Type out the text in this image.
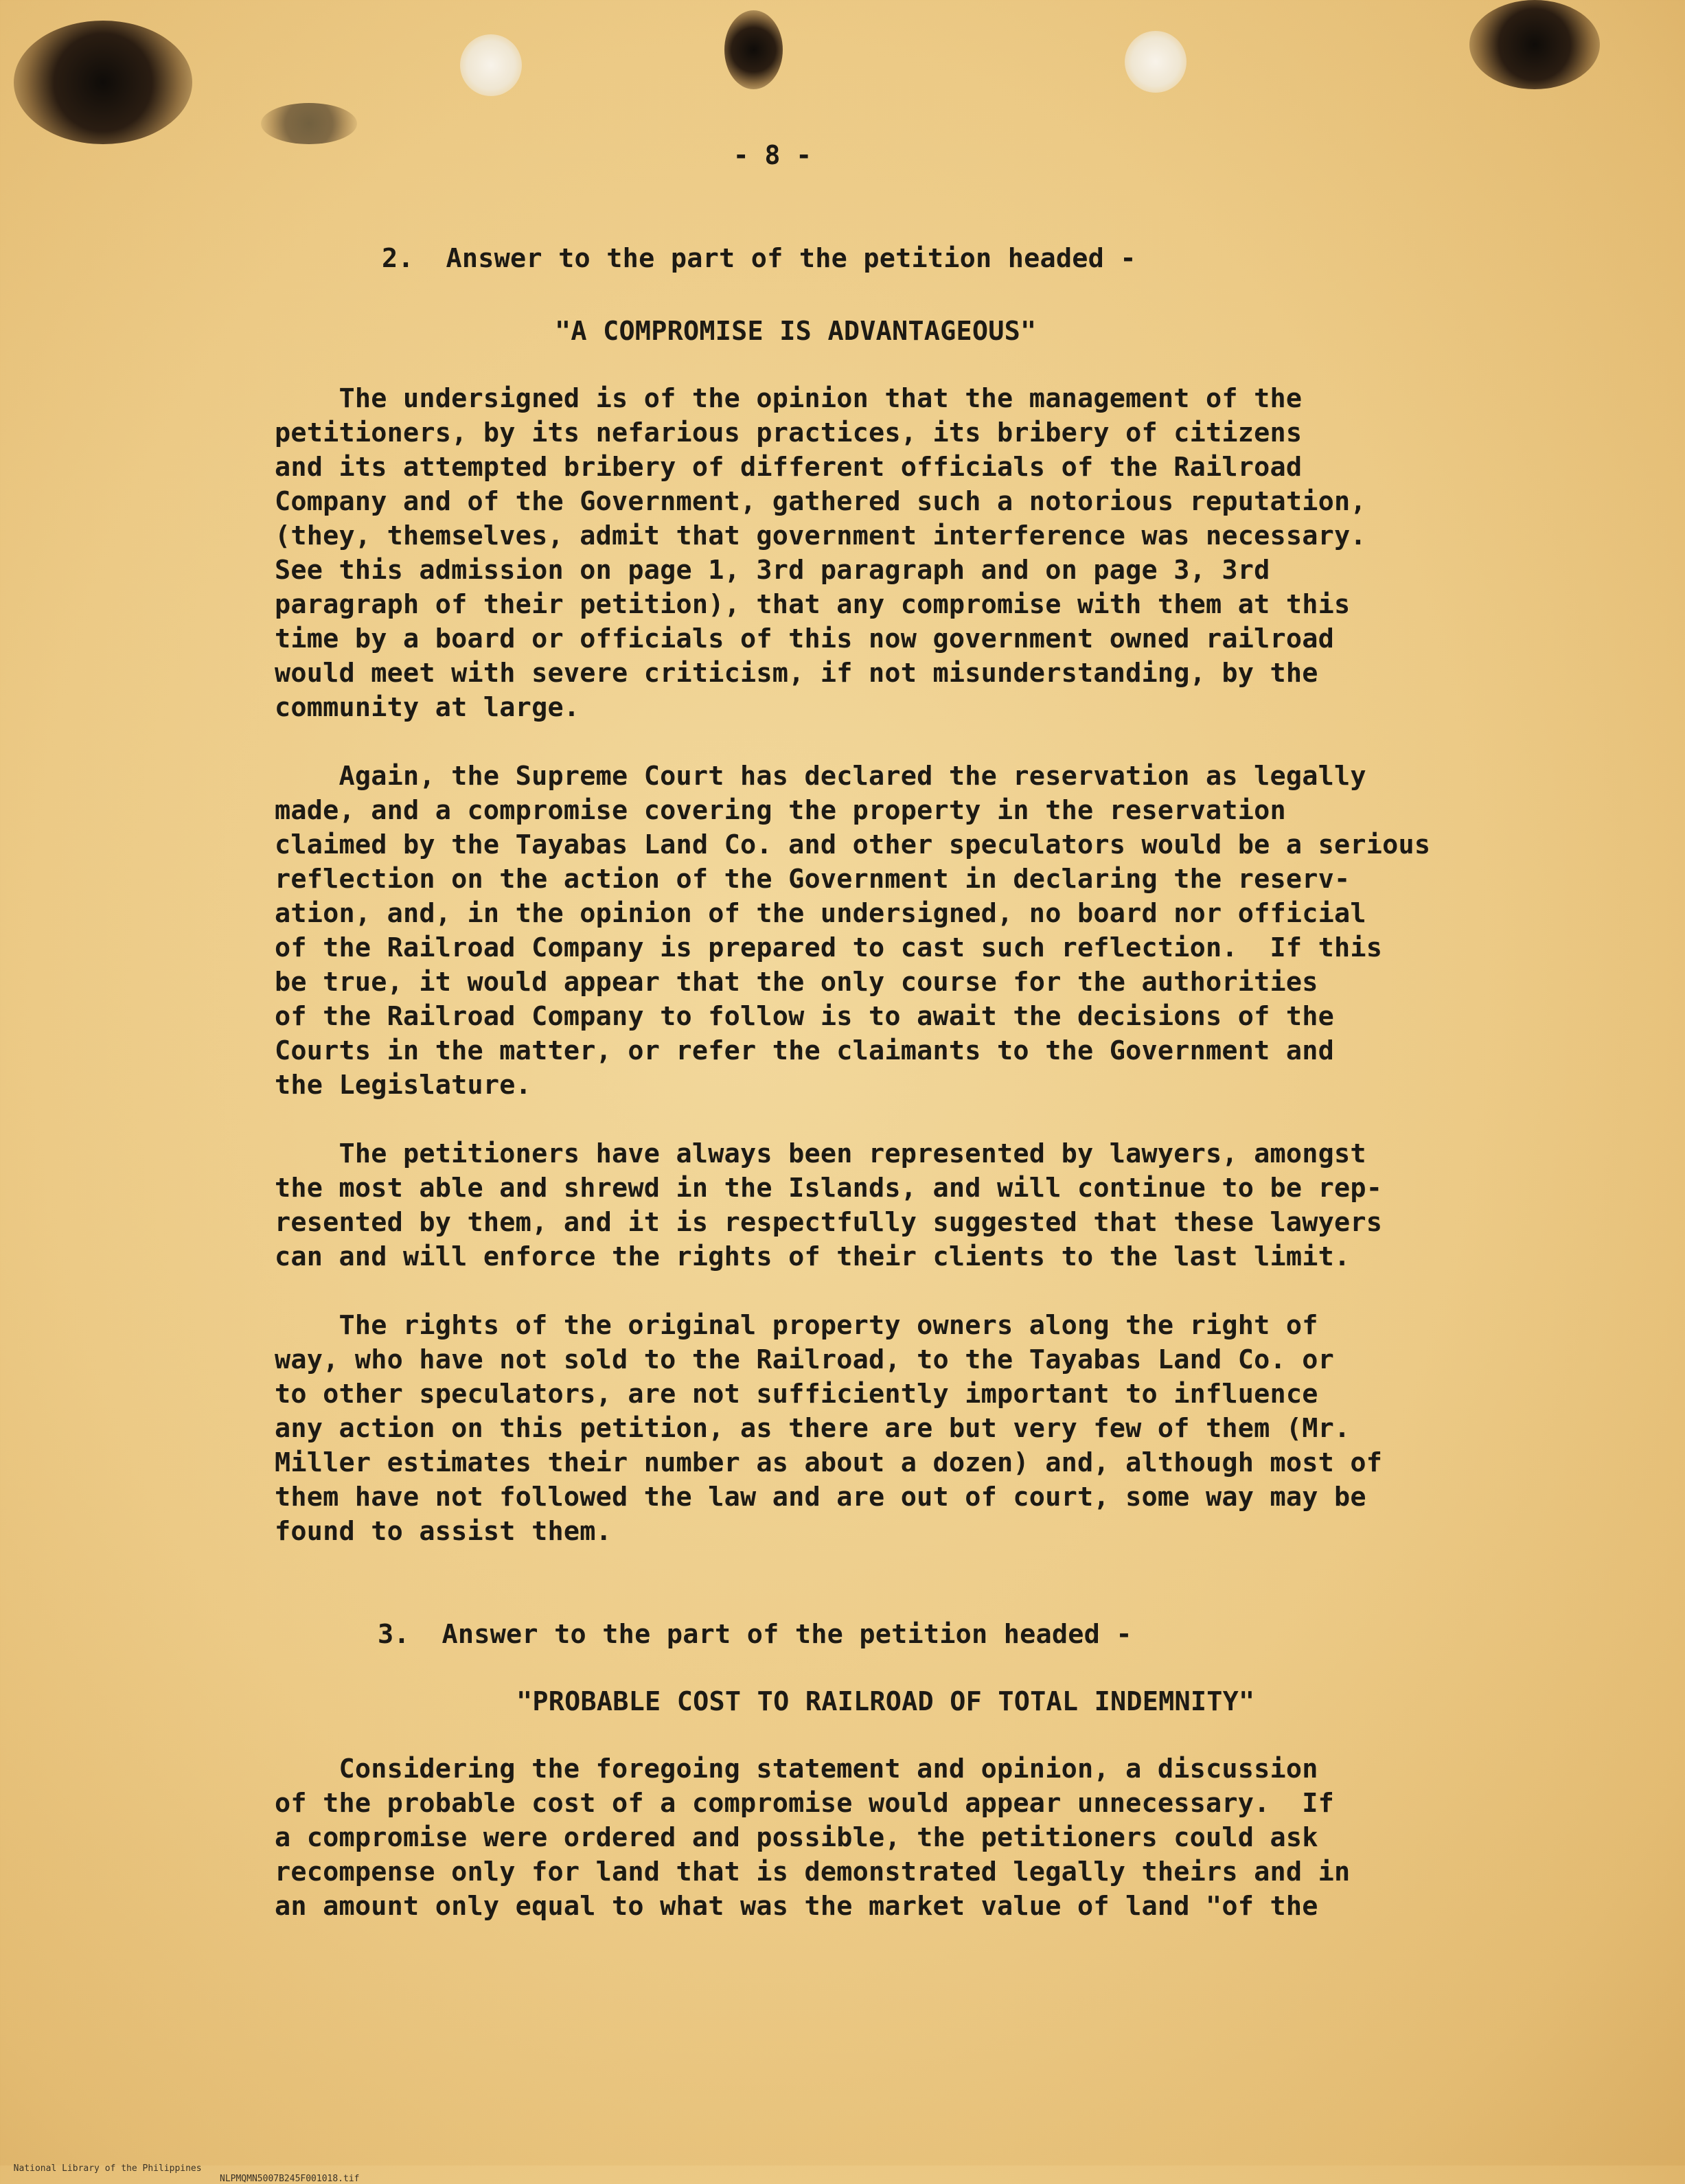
- 8 -
2.  Answer to the part of the petition headed -
"A COMPROMISE IS ADVANTAGEOUS"
The undersigned is of the opinion that the management of the
petitioners, by its nefarious practices, its bribery of citizens
and its attempted bribery of different officials of the Railroad
Company and of the Government, gathered such a notorious reputation,
(they, themselves, admit that government interference was necessary.
See this admission on page 1, 3rd paragraph and on page 3, 3rd
paragraph of their petition), that any compromise with them at this
time by a board or officials of this now government owned railroad
would meet with severe criticism, if not misunderstanding, by the
community at large.
Again, the Supreme Court has declared the reservation as legally
made, and a compromise covering the property in the reservation
claimed by the Tayabas Land Co. and other speculators would be a serious
reflection on the action of the Government in declaring the reserv-
ation, and, in the opinion of the undersigned, no board nor official
of the Railroad Company is prepared to cast such reflection.  If this
be true, it would appear that the only course for the authorities
of the Railroad Company to follow is to await the decisions of the
Courts in the matter, or refer the claimants to the Government and
the Legislature.
The petitioners have always been represented by lawyers, amongst
the most able and shrewd in the Islands, and will continue to be rep-
resented by them, and it is respectfully suggested that these lawyers
can and will enforce the rights of their clients to the last limit.
The rights of the original property owners along the right of
way, who have not sold to the Railroad, to the Tayabas Land Co. or
to other speculators, are not sufficiently important to influence
any action on this petition, as there are but very few of them (Mr.
Miller estimates their number as about a dozen) and, although most of
them have not followed the law and are out of court, some way may be
found to assist them.
3.  Answer to the part of the petition headed -
"PROBABLE COST TO RAILROAD OF TOTAL INDEMNITY"
Considering the foregoing statement and opinion, a discussion
of the probable cost of a compromise would appear unnecessary.  If
a compromise were ordered and possible, the petitioners could ask
recompense only for land that is demonstrated legally theirs and in
an amount only equal to what was the market value of land "of the

National Library of the Philippines

NLPMQMN5007B245F001018.tif
